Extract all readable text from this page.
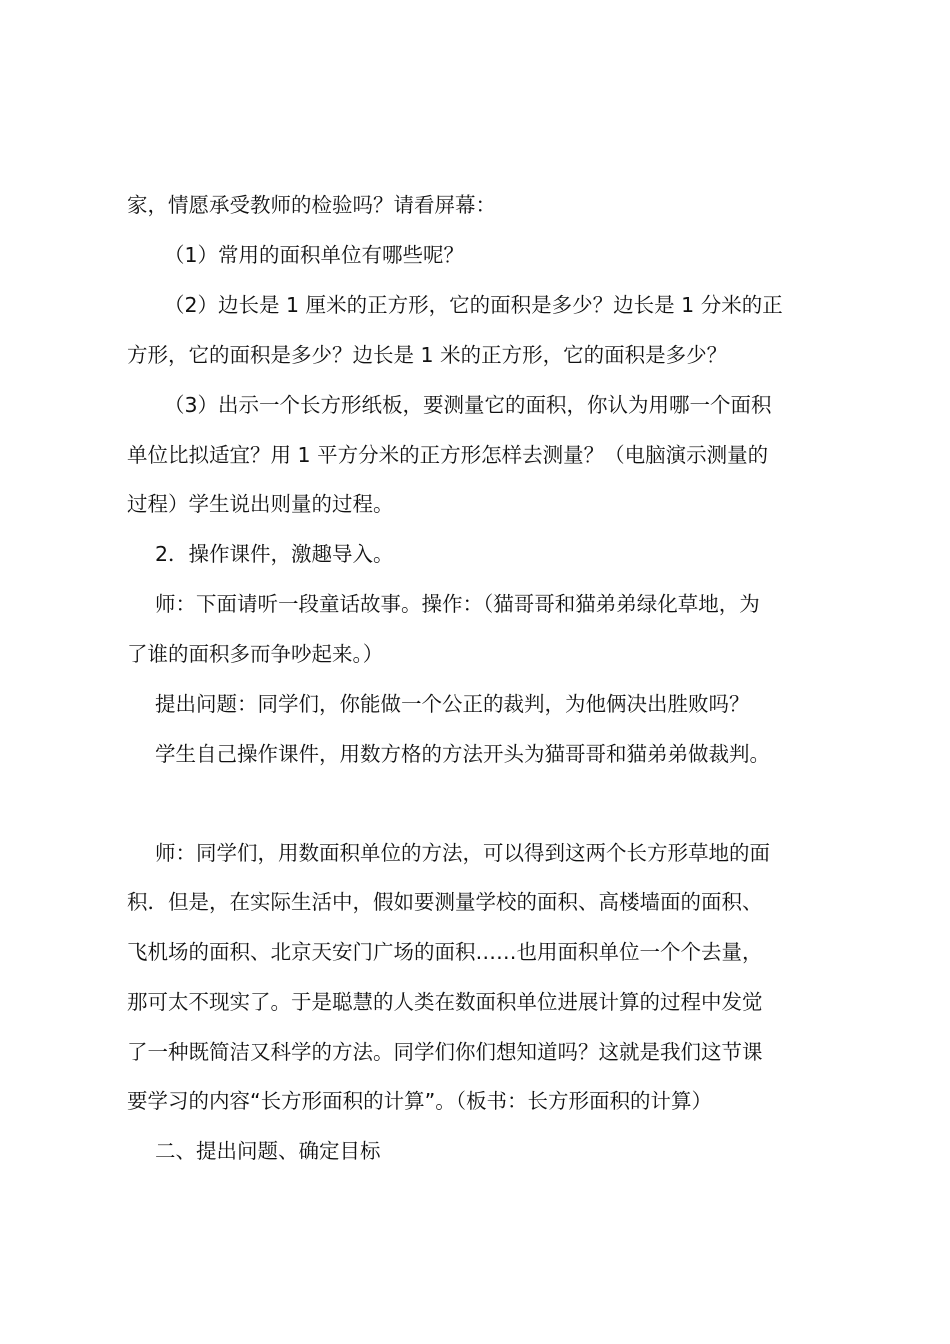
家，情愿承受教师的检验吗？请看屏幕：
（1）常用的面积单位有哪些呢？
（2）边长是 1 厘米的正方形，它的面积是多少？边长是 1 分米的正
方形，它的面积是多少？边长是 1 米的正方形，它的面积是多少？
（3）出示一个长方形纸板，要测量它的面积，你认为用哪一个面积
单位比拟适宜？用 1 平方分米的正方形怎样去测量？（电脑演示测量的
过程）学生说出则量的过程。
2．操作课件，激趣导入。
师：下面请听一段童话故事。操作：（猫哥哥和猫弟弟绿化草地，为
了谁的面积多而争吵起来。）
提出问题：同学们，你能做一个公正的裁判，为他俩决出胜败吗？
学生自己操作课件，用数方格的方法开头为猫哥哥和猫弟弟做裁判。
师：同学们，用数面积单位的方法，可以得到这两个长方形草地的面
积．但是，在实际生活中，假如要测量学校的面积、高楼墙面的面积、
飞机场的面积、北京天安门广场的面积……也用面积单位一个个去量，
那可太不现实了。于是聪慧的人类在数面积单位进展计算的过程中发觉
了一种既简洁又科学的方法。同学们你们想知道吗？这就是我们这节课
要学习的内容“长方形面积的计算”。（板书：长方形面积的计算）
二、提出问题、确定目标
